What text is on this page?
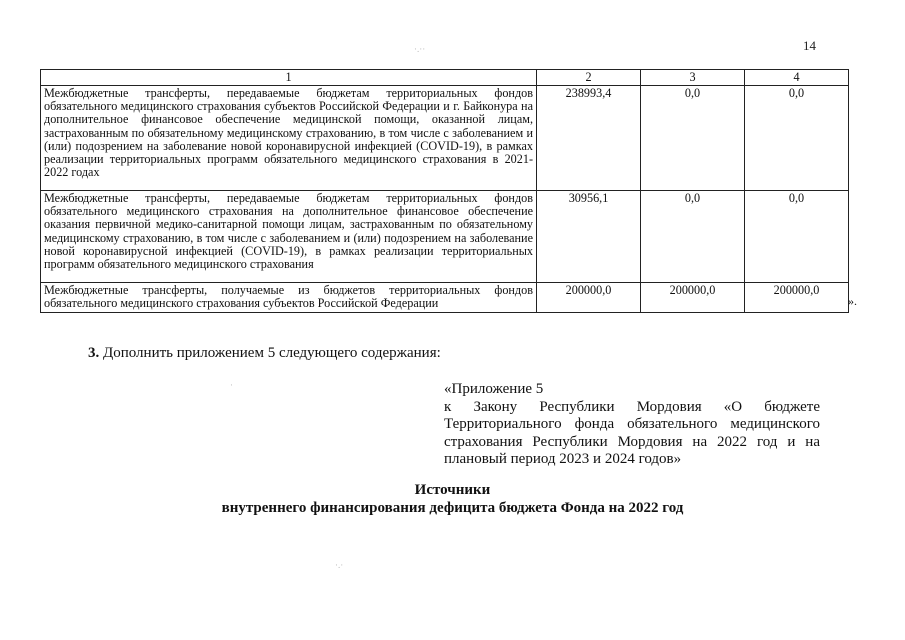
14
1	2	3	4
Межбюджетные трансферты, передаваемые бюджетам территориальных фондов обязательного медицинского страхования субъектов Российской Федерации и г. Байконура на дополнительное финансовое обеспечение медицинской помощи, оказанной лицам, застрахованным по обязательному медицинскому страхованию, в том числе с заболеванием и (или) подозрением на заболевание новой коронавирусной инфекцией (COVID-19), в рамках реализации территориальных программ обязательного медицинского страхования в 2021-2022 годах	238993,4	0,0	0,0
Межбюджетные трансферты, передаваемые бюджетам территориальных фондов обязательного медицинского страхования на дополнительное финансовое обеспечение оказания первичной медико-санитарной помощи лицам, застрахованным по обязательному медицинскому страхованию, в том числе с заболеванием и (или) подозрением на заболевание новой коронавирусной инфекцией (COVID-19), в рамках реализации территориальных программ обязательного медицинского страхования	30956,1	0,0	0,0
Межбюджетные трансферты, получаемые из бюджетов территориальных фондов обязательного медицинского страхования субъектов Российской Федерации	200000,0	200000,0	200000,0
».
3. Дополнить приложением 5 следующего содержания:
«Приложение 5
к Закону Республики Мордовия «О бюджете Территориального фонда обязательного медицинского страхования Республики Мордовия на 2022 год и на плановый период 2023 и 2024 годов»
Источники
внутреннего финансирования дефицита бюджета Фонда на 2022 год
·.··
·
·.·
